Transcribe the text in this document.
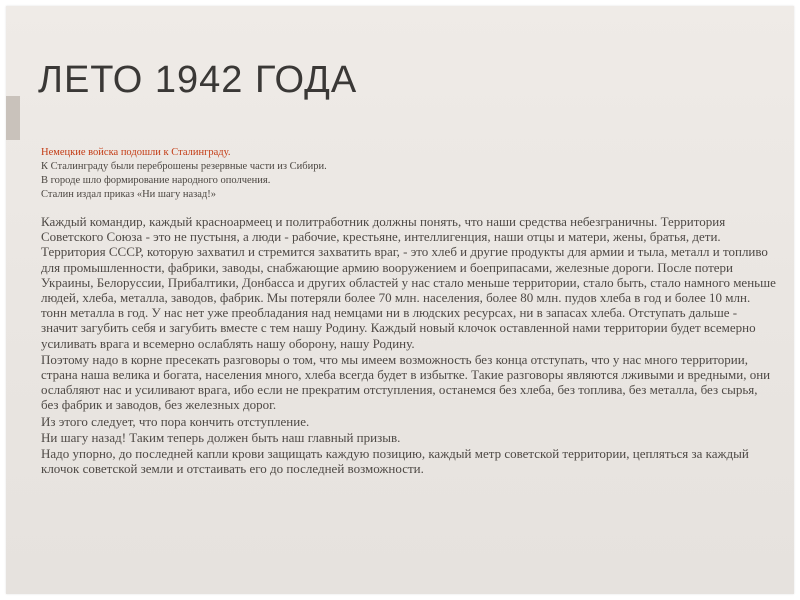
ЛЕТО 1942 ГОДА

Немецкие войска подошли к Сталинграду.

К Сталинграду были переброшены резервные части из Сибири.

В городе шло формирование народного ополчения.

Сталин издал приказ «Ни шагу назад!»

Каждый командир, каждый красноармеец и политработник должны понять, что наши средства небезграничны. Территория Советского Союза - это не пустыня, а люди - рабочие, крестьяне, интеллигенция, наши отцы и матери, жены, братья, дети. Территория СССР, которую захватил и стремится захватить враг, - это хлеб и другие продукты для армии и тыла, металл и топливо для промышленности, фабрики, заводы, снабжающие армию вооружением и боеприпасами, железные дороги. После потери Украины, Белоруссии, Прибалтики, Донбасса и других областей у нас стало меньше территории, стало быть, стало намного меньше людей, хлеба, металла, заводов, фабрик. Мы потеряли более 70 млн. населения, более 80 млн. пудов хлеба в год и более 10 млн. тонн металла в год. У нас нет уже преобладания над немцами ни в людских ресурсах, ни в запасах хлеба. Отступать дальше - значит загубить себя и загубить вместе с тем нашу Родину. Каждый новый клочок оставленной нами территории будет всемерно усиливать врага и всемерно ослаблять нашу оборону, нашу Родину.

Поэтому надо в корне пресекать разговоры о том, что мы имеем возможность без конца отступать, что у нас много территории, страна наша велика и богата, населения много, хлеба всегда будет в избытке. Такие разговоры являются лживыми и вредными, они ослабляют нас и усиливают врага, ибо если не прекратим отступления, останемся без хлеба, без топлива, без металла, без сырья, без фабрик и заводов, без железных дорог.

Из этого следует, что пора кончить отступление.

Ни шагу назад! Таким теперь должен быть наш главный призыв.

Надо упорно, до последней капли крови защищать каждую позицию, каждый метр советской территории, цепляться за каждый клочок советской земли и отстаивать его до последней возможности.
